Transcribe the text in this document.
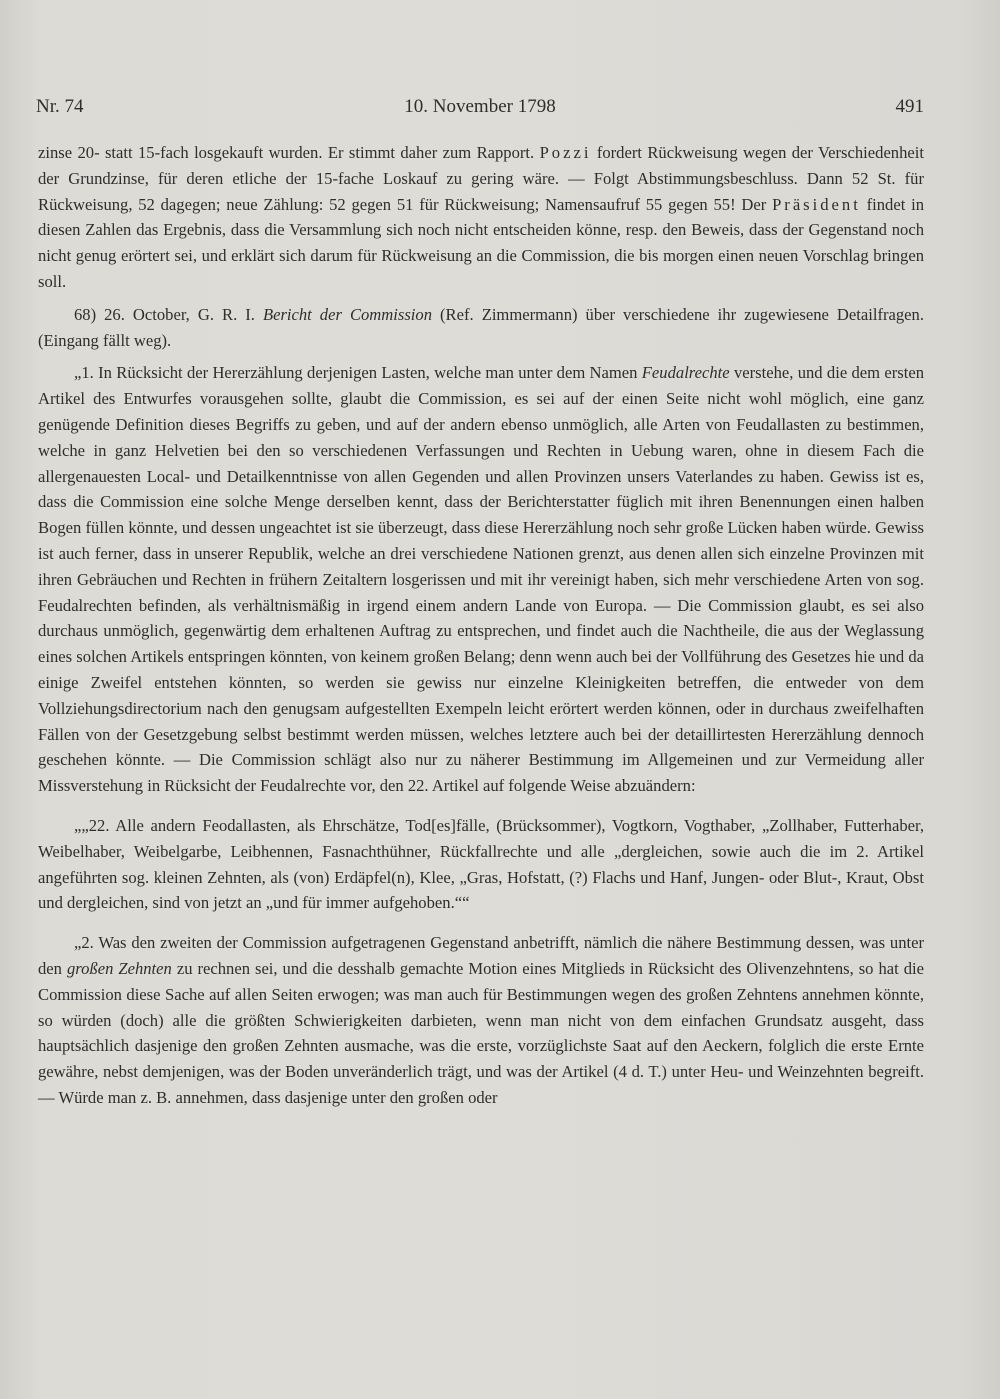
Nr. 74	10. November 1798	491

zinse 20- statt 15-fach losgekauft wurden. Er stimmt daher zum Rapport. Pozzi fordert Rückweisung wegen der Verschiedenheit der Grundzinse, für deren etliche der 15-fache Loskauf zu gering wäre. — Folgt Abstimmungsbeschluss. Dann 52 St. für Rückweisung, 52 dagegen; neue Zählung: 52 gegen 51 für Rückweisung; Namensaufruf 55 gegen 55! Der Präsident findet in diesen Zahlen das Ergebnis, dass die Versammlung sich noch nicht entscheiden könne, resp. den Beweis, dass der Gegenstand noch nicht genug erörtert sei, und erklärt sich darum für Rückweisung an die Commission, die bis morgen einen neuen Vorschlag bringen soll.

68) 26. October, G. R. I. Bericht der Commission (Ref. Zimmermann) über verschiedene ihr zugewiesene Detailfragen. (Eingang fällt weg).

„1. In Rücksicht der Hererzählung derjenigen Lasten, welche man unter dem Namen Feudalrechte verstehe, und die dem ersten Artikel des Entwurfes vorausgehen sollte, glaubt die Commission, es sei auf der einen Seite nicht wohl möglich, eine ganz genügende Definition dieses Begriffs zu geben, und auf der andern ebenso unmöglich, alle Arten von Feudallasten zu bestimmen, welche in ganz Helvetien bei den so verschiedenen Verfassungen und Rechten in Uebung waren, ohne in diesem Fach die allergenauesten Local- und Detailkenntnisse von allen Gegenden und allen Provinzen unsers Vaterlandes zu haben. Gewiss ist es, dass die Commission eine solche Menge derselben kennt, dass der Berichterstatter füglich mit ihren Benennungen einen halben Bogen füllen könnte, und dessen ungeachtet ist sie überzeugt, dass diese Hererzählung noch sehr große Lücken haben würde. Gewiss ist auch ferner, dass in unserer Republik, welche an drei verschiedene Nationen grenzt, aus denen allen sich einzelne Provinzen mit ihren Gebräuchen und Rechten in frühern Zeitaltern losgerissen und mit ihr vereinigt haben, sich mehr verschiedene Arten von sog. Feudalrechten befinden, als verhältnismäßig in irgend einem andern Lande von Europa. — Die Commission glaubt, es sei also durchaus unmöglich, gegenwärtig dem erhaltenen Auftrag zu entsprechen, und findet auch die Nachtheile, die aus der Weglassung eines solchen Artikels entspringen könnten, von keinem großen Belang; denn wenn auch bei der Vollführung des Gesetzes hie und da einige Zweifel entstehen könnten, so werden sie gewiss nur einzelne Kleinigkeiten betreffen, die entweder von dem Vollziehungsdirectorium nach den genugsam aufgestellten Exempeln leicht erörtert werden können, oder in durchaus zweifelhaften Fällen von der Gesetzgebung selbst bestimmt werden müssen, welches letztere auch bei der detaillirtesten Hererzählung dennoch geschehen könnte. — Die Commission schlägt also nur zu näherer Bestimmung im Allgemeinen und zur Vermeidung aller Missverstehung in Rücksicht der Feudalrechte vor, den 22. Artikel auf folgende Weise abzuändern:

„„22. Alle andern Feodallasten, als Ehrschätze, Tod[es]fälle, (Brücksommer), Vogtkorn, Vogthaber, „Zollhaber, Futterhaber, Weibelhaber, Weibelgarbe, Leibhennen, Fasnachthühner, Rückfallrechte und alle „dergleichen, sowie auch die im 2. Artikel angeführten sog. kleinen Zehnten, als (von) Erdäpfel(n), Klee, „Gras, Hofstatt, (?) Flachs und Hanf, Jungen- oder Blut-, Kraut, Obst und dergleichen, sind von jetzt an „und für immer aufgehoben.““

„2. Was den zweiten der Commission aufgetragenen Gegenstand anbetrifft, nämlich die nähere Bestimmung dessen, was unter den großen Zehnten zu rechnen sei, und die desshalb gemachte Motion eines Mitglieds in Rücksicht des Olivenzehntens, so hat die Commission diese Sache auf allen Seiten erwogen; was man auch für Bestimmungen wegen des großen Zehntens annehmen könnte, so würden (doch) alle die größten Schwierigkeiten darbieten, wenn man nicht von dem einfachen Grundsatz ausgeht, dass hauptsächlich dasjenige den großen Zehnten ausmache, was die erste, vorzüglichste Saat auf den Aeckern, folglich die erste Ernte gewähre, nebst demjenigen, was der Boden unveränderlich trägt, und was der Artikel (4 d. T.) unter Heu- und Weinzehnten begreift. — Würde man z. B. annehmen, dass dasjenige unter den großen oder
